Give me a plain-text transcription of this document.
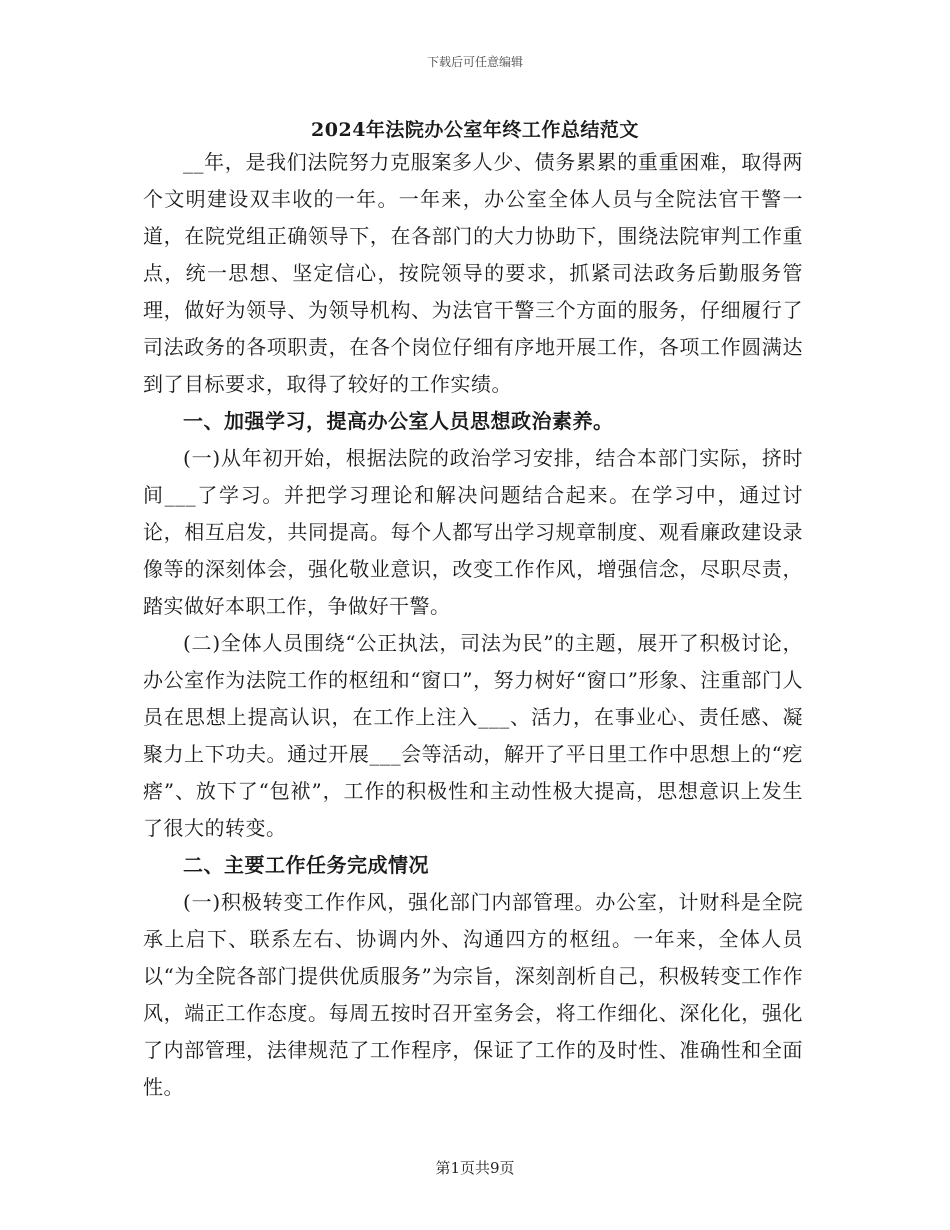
下载后可任意编辑
2024年法院办公室年终工作总结范文

__年，是我们法院努力克服案多人少、债务累累的重重困难，取得两个文明建设双丰收的一年。一年来，办公室全体人员与全院法官干警一道，在院党组正确领导下，在各部门的大力协助下，围绕法院审判工作重点，统一思想、坚定信心，按院领导的要求，抓紧司法政务后勤服务管理，做好为领导、为领导机构、为法官干警三个方面的服务，仔细履行了司法政务的各项职责，在各个岗位仔细有序地开展工作，各项工作圆满达到了目标要求，取得了较好的工作实绩。

一、加强学习，提高办公室人员思想政治素养。

(一)从年初开始，根据法院的政治学习安排，结合本部门实际，挤时间___了学习。并把学习理论和解决问题结合起来。在学习中，通过讨论，相互启发，共同提高。每个人都写出学习规章制度、观看廉政建设录像等的深刻体会，强化敬业意识，改变工作作风，增强信念，尽职尽责，踏实做好本职工作，争做好干警。

(二)全体人员围绕“公正执法，司法为民”的主题，展开了积极讨论，办公室作为法院工作的枢纽和“窗口”，努力树好“窗口”形象、注重部门人员在思想上提高认识，在工作上注入___、活力，在事业心、责任感、凝聚力上下功夫。通过开展___会等活动，解开了平日里工作中思想上的“疙瘩”、放下了“包袱”，工作的积极性和主动性极大提高，思想意识上发生了很大的转变。

二、主要工作任务完成情况

(一)积极转变工作作风，强化部门内部管理。办公室，计财科是全院承上启下、联系左右、协调内外、沟通四方的枢纽。一年来，全体人员以“为全院各部门提供优质服务”为宗旨，深刻剖析自己，积极转变工作作风，端正工作态度。每周五按时召开室务会，将工作细化、深化化，强化了内部管理，法律规范了工作程序，保证了工作的及时性、准确性和全面性。

第1页共9页
